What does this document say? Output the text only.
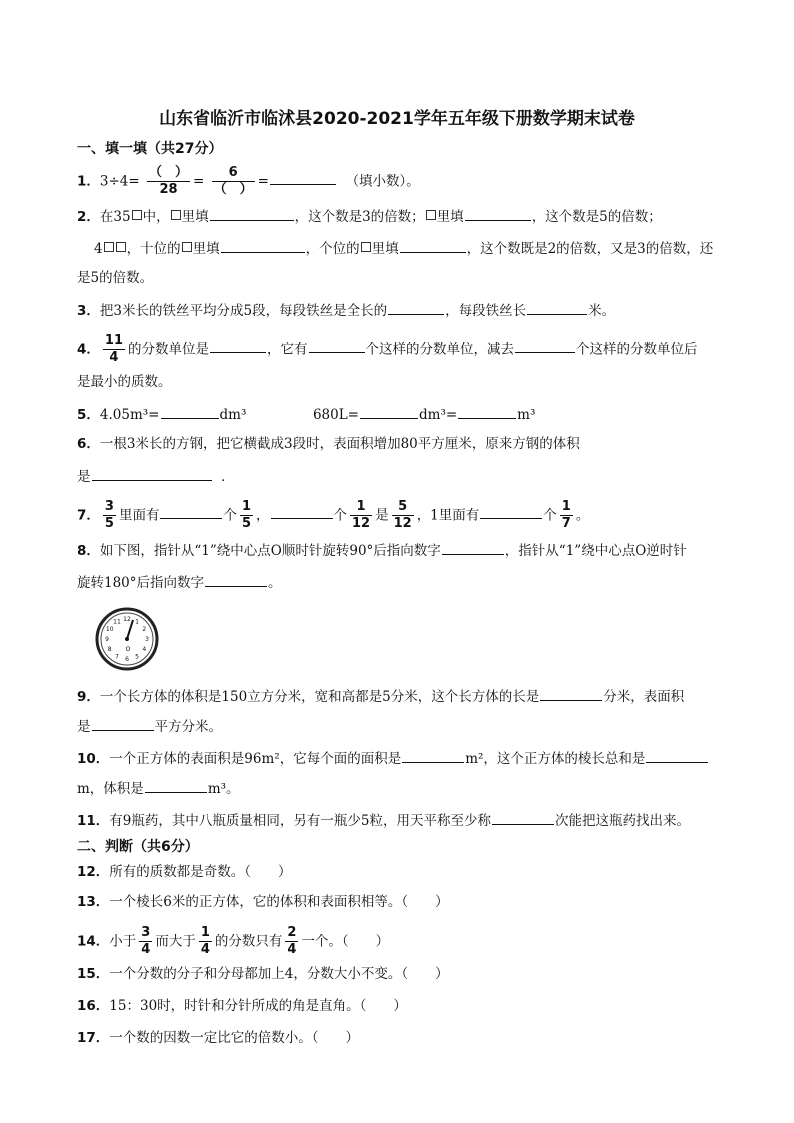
山东省临沂市临沭县2020-2021学年五年级下册数学期末试卷
一、填一填（共27分）
1．$3\div 4= \frac{( )}{28} = \frac{6}{( )}$ =	（填小数）。
2．在35 中， 里填	，这个数是3的倍数； 里填	，这个数是5的倍数；
4 ，十位的 里填	，个位的 里填	，这个数既是2的倍数，又是3的倍数，还
是5的倍数。
3．把3米长的铁丝平均分成5段，每段铁丝是全长的	，每段铁丝长	米。
4． $\frac{11}{4}$ 的分数单位是	，它有	个这样的分数单位，减去	个这样的分数单位后
是最小的质数。
5．4.05m³=	dm³	680L=	dm³=	m³
6．一根3米长的方钢，把它横截成3段时，表面积增加80平方厘米，原来方钢的体积
是	．
7． $\frac{3}{5}$ 里面有	个 $\frac{1}{5}$ ，	个 $\frac{1}{12}$ 是 $\frac{5}{12}$ ，1里面有	个 $\frac{1}{7}$ 。
8．如下图，指针从“1”绕中心点O顺时针旋转90°后指向数字	，指针从“1”绕中心点O逆时针
旋转180°后指向数字	。
12 1
2
3
4
5
6
7
8
9
10
11
O
9．一个长方体的体积是150立方分米，宽和高都是5分米，这个长方体的长是	分米，表面积
是	平方分米。
10．一个正方体的表面积是96m²，它每个面的面积是	m²，这个正方体的棱长总和是
m，体积是	m³。
11．有9瓶药，其中八瓶质量相同，另有一瓶少5粒，用天平称至少称	次能把这瓶药找出来。
二、判断（共6分）
12．所有的质数都是奇数。（　　）
13．一个棱长6米的正方体，它的体积和表面积相等。（　　）
14．小于 $\frac{3}{4}$ 而大于 $\frac{1}{4}$ 的分数只有 $\frac{2}{4}$ 一个。（　　）
15．一个分数的分子和分母都加上4，分数大小不变。（　　）
16．15：30时，时针和分针所成的角是直角。（　　）
17．一个数的因数一定比它的倍数小。（　　）
